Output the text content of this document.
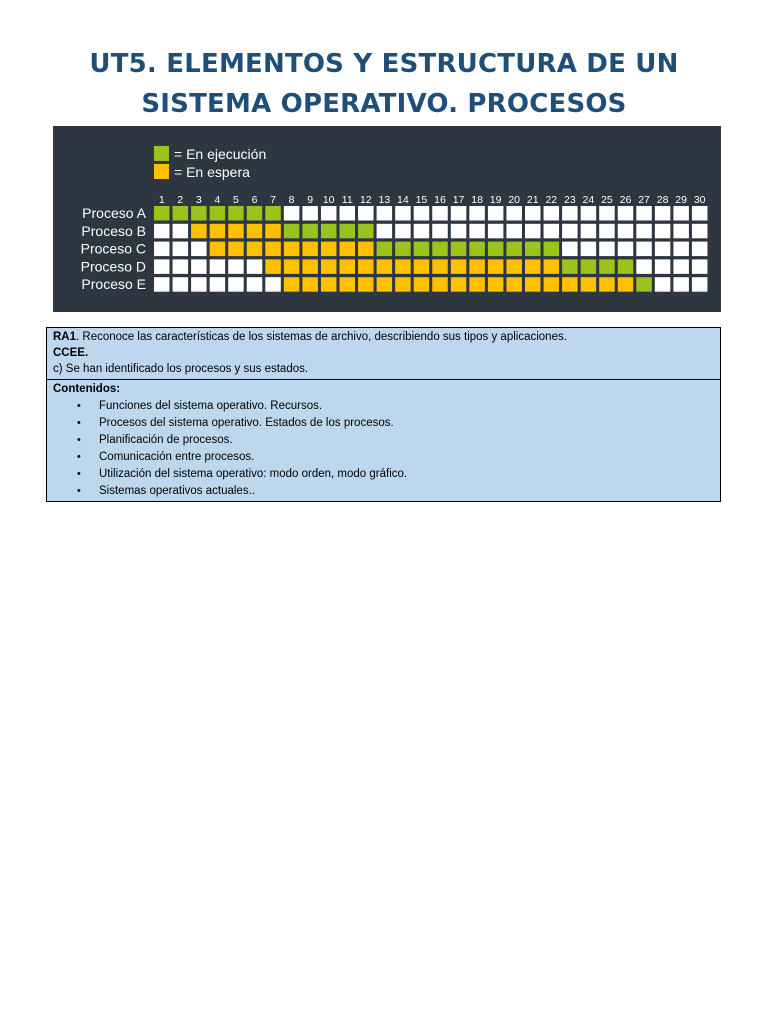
UT5. ELEMENTOS Y ESTRUCTURA DE UN
SISTEMA OPERATIVO. PROCESOS
= En ejecución
= En espera
1 2 3 4 5 6 7 8 9 10 11 12 13 14 15 16 17 18 19 20 21 22 23 24 25 26 27 28 29 30
Proceso A
Proceso B
Proceso C
Proceso D
Proceso E
RA1. Reconoce las características de los sistemas de archivo, describiendo sus tipos y aplicaciones.
CCEE.
c) Se han identificado los procesos y sus estados.
Contenidos:
• Funciones del sistema operativo. Recursos.
• Procesos del sistema operativo. Estados de los procesos.
• Planificación de procesos.
• Comunicación entre procesos.
• Utilización del sistema operativo: modo orden, modo gráfico.
• Sistemas operativos actuales..
